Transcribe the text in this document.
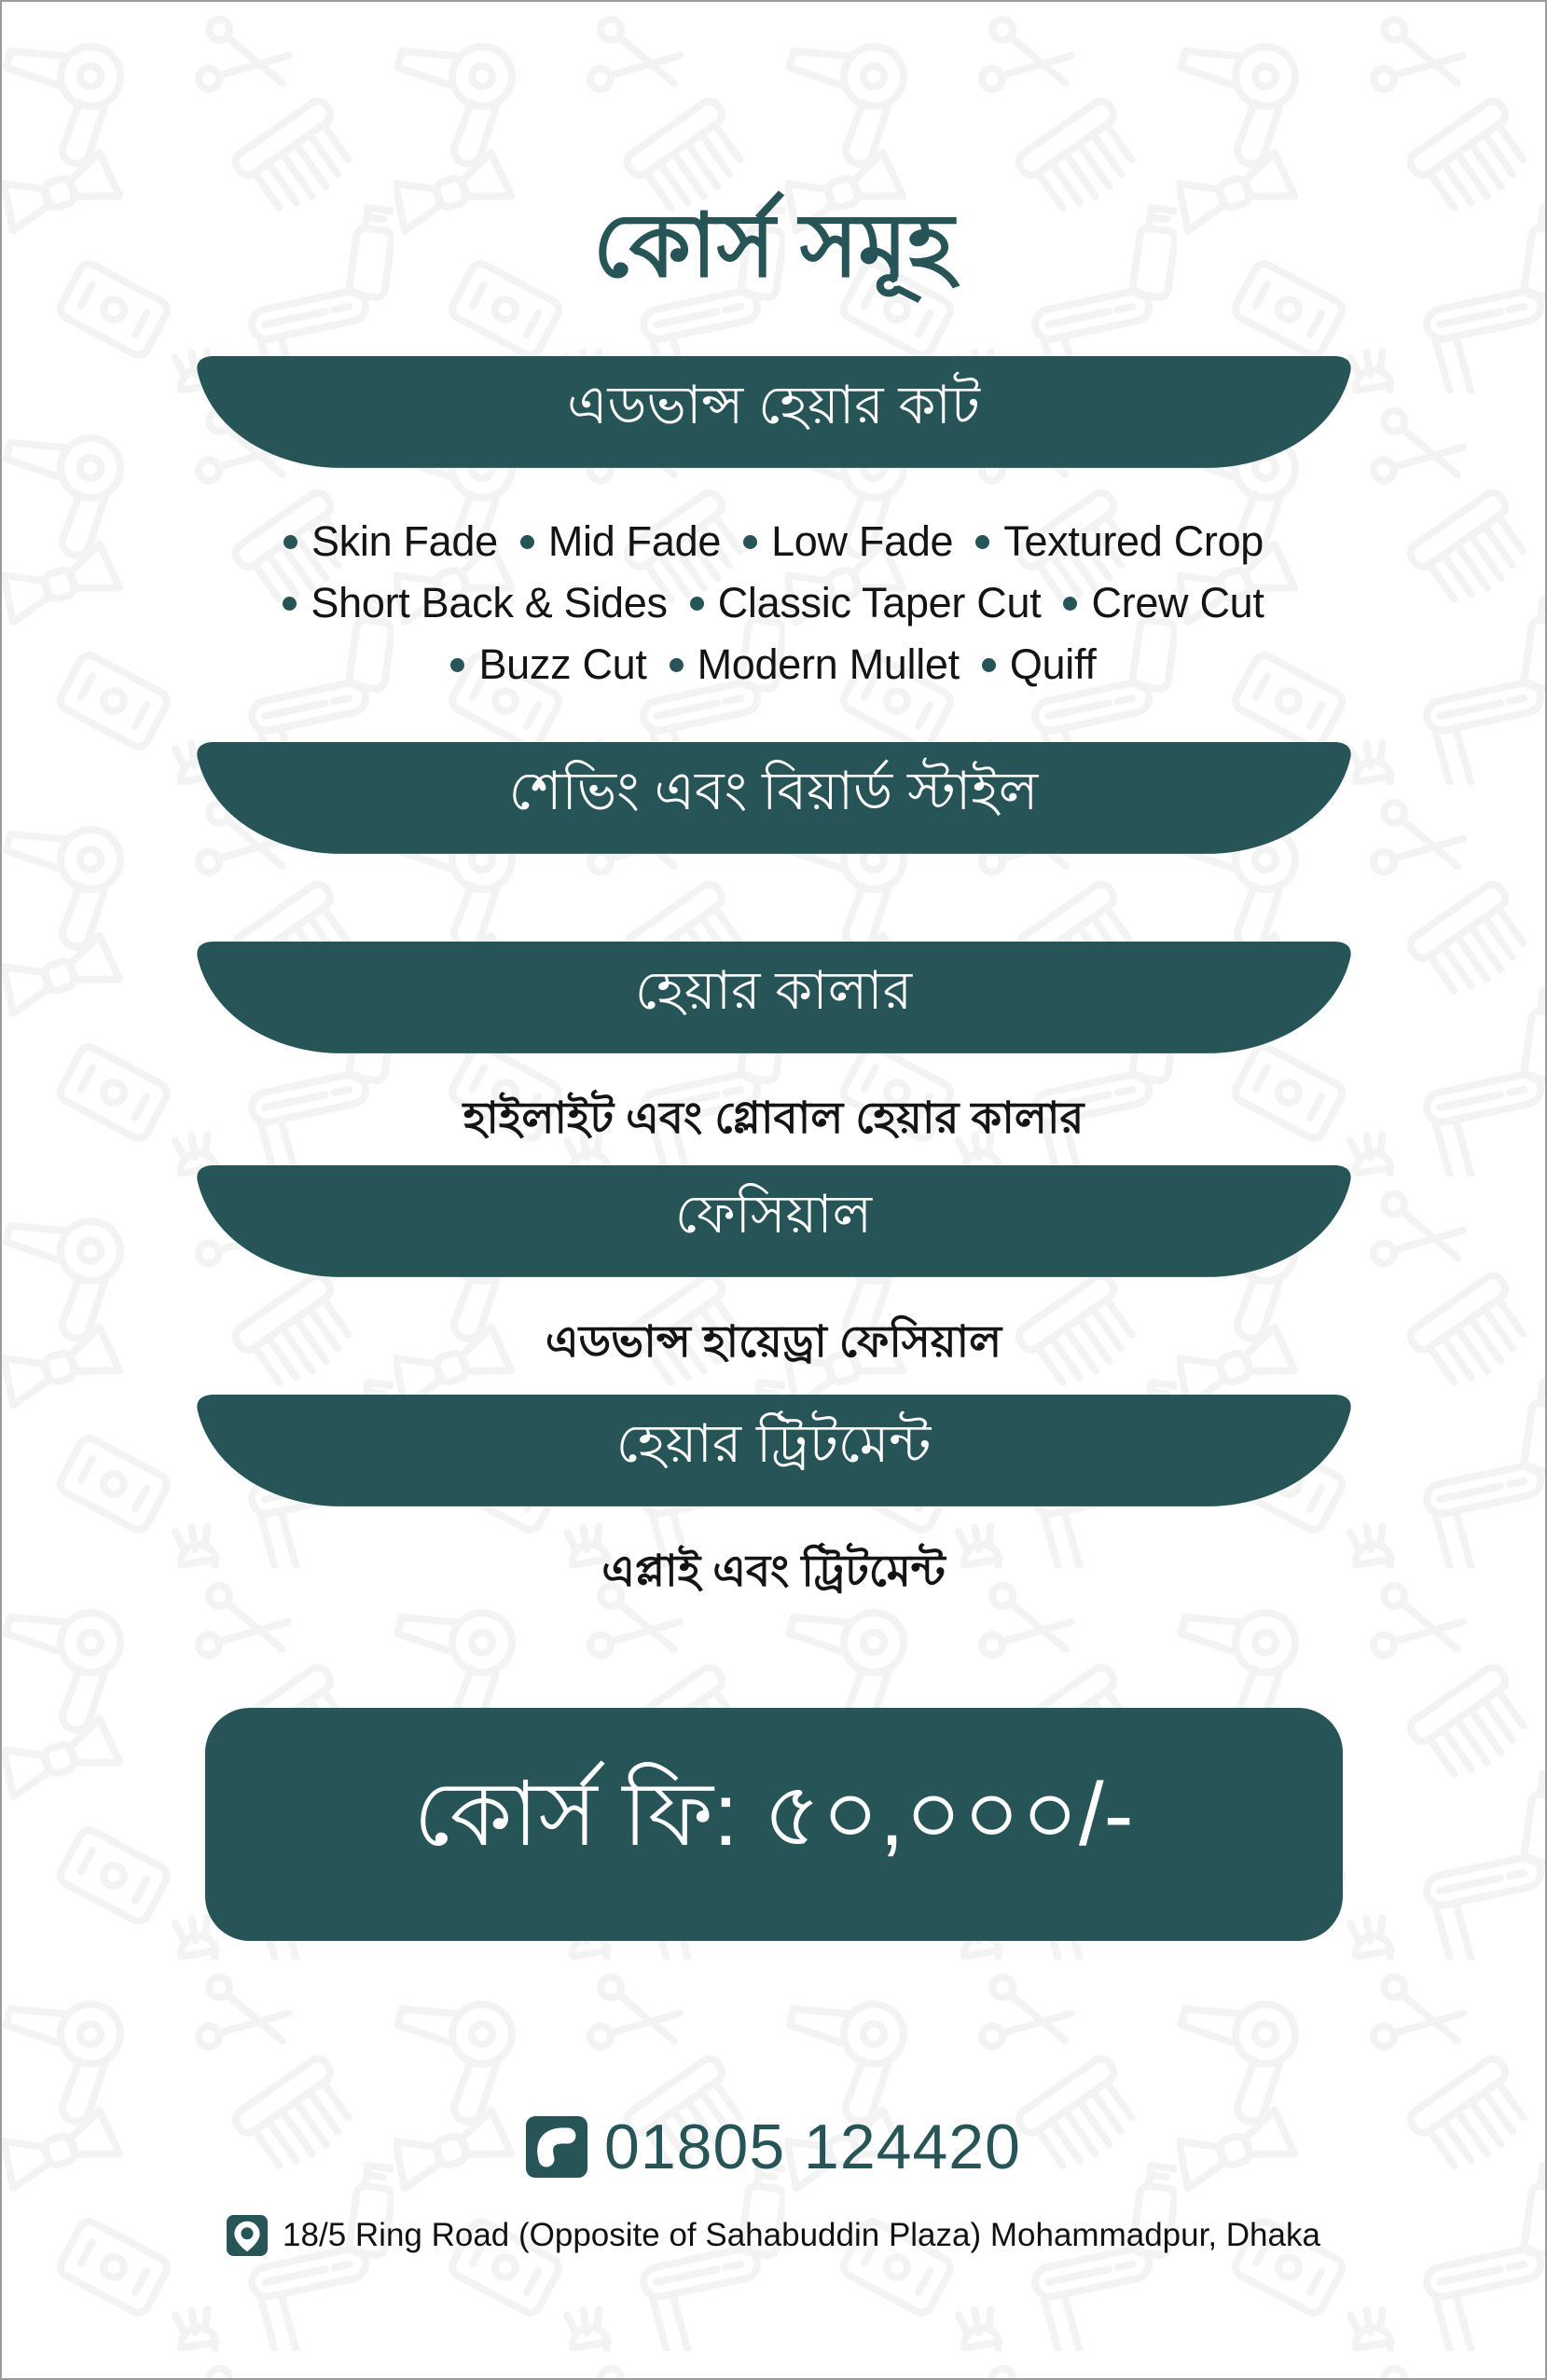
কোর্স সমূহ
এডভান্স হেয়ার কাট
Skin Fade Mid Fade Low Fade Textured Crop
Short Back & Sides Classic Taper Cut Crew Cut
Buzz Cut Modern Mullet Quiff
শেভিং এবং বিয়ার্ড স্টাইল
হেয়ার কালার
হাইলাইট এবং গ্লোবাল হেয়ার কালার
ফেসিয়াল
এডভান্স হায়েড্রা ফেসিয়াল
হেয়ার ট্রিটমেন্ট
এপ্লাই এবং ট্রিটমেন্ট
কোর্স ফি: ৫০,০০০/-
01805 124420
18/5 Ring Road (Opposite of Sahabuddin Plaza) Mohammadpur, Dhaka
